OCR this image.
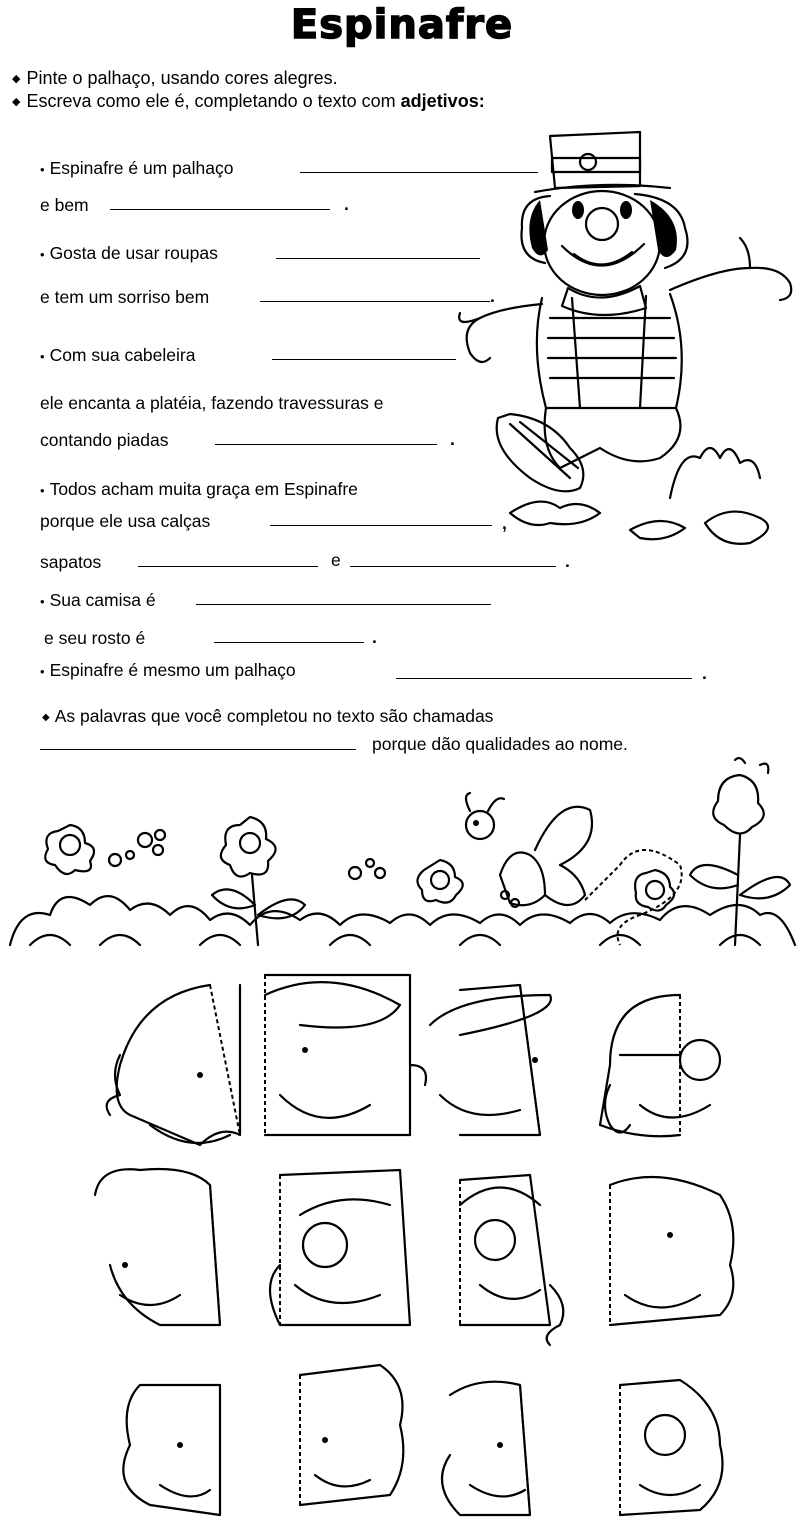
Espinafre
◆ Pinte o palhaço, usando cores alegres.
◆ Escreva como ele é, completando o texto com adjetivos:
• Espinafre é um palhaço
e bem	.
• Gosta de usar roupas
e tem um sorriso bem	.
• Com sua cabeleira
ele encanta a platéia, fazendo travessuras e
contando piadas	.
• Todos acham muita graça em Espinafre
porque ele usa calças	,
sapatos	e	.
• Sua camisa é
e seu rosto é	.
• Espinafre é mesmo um palhaço	.
◆ As palavras que você completou no texto são chamadas
porque dão qualidades ao nome.
